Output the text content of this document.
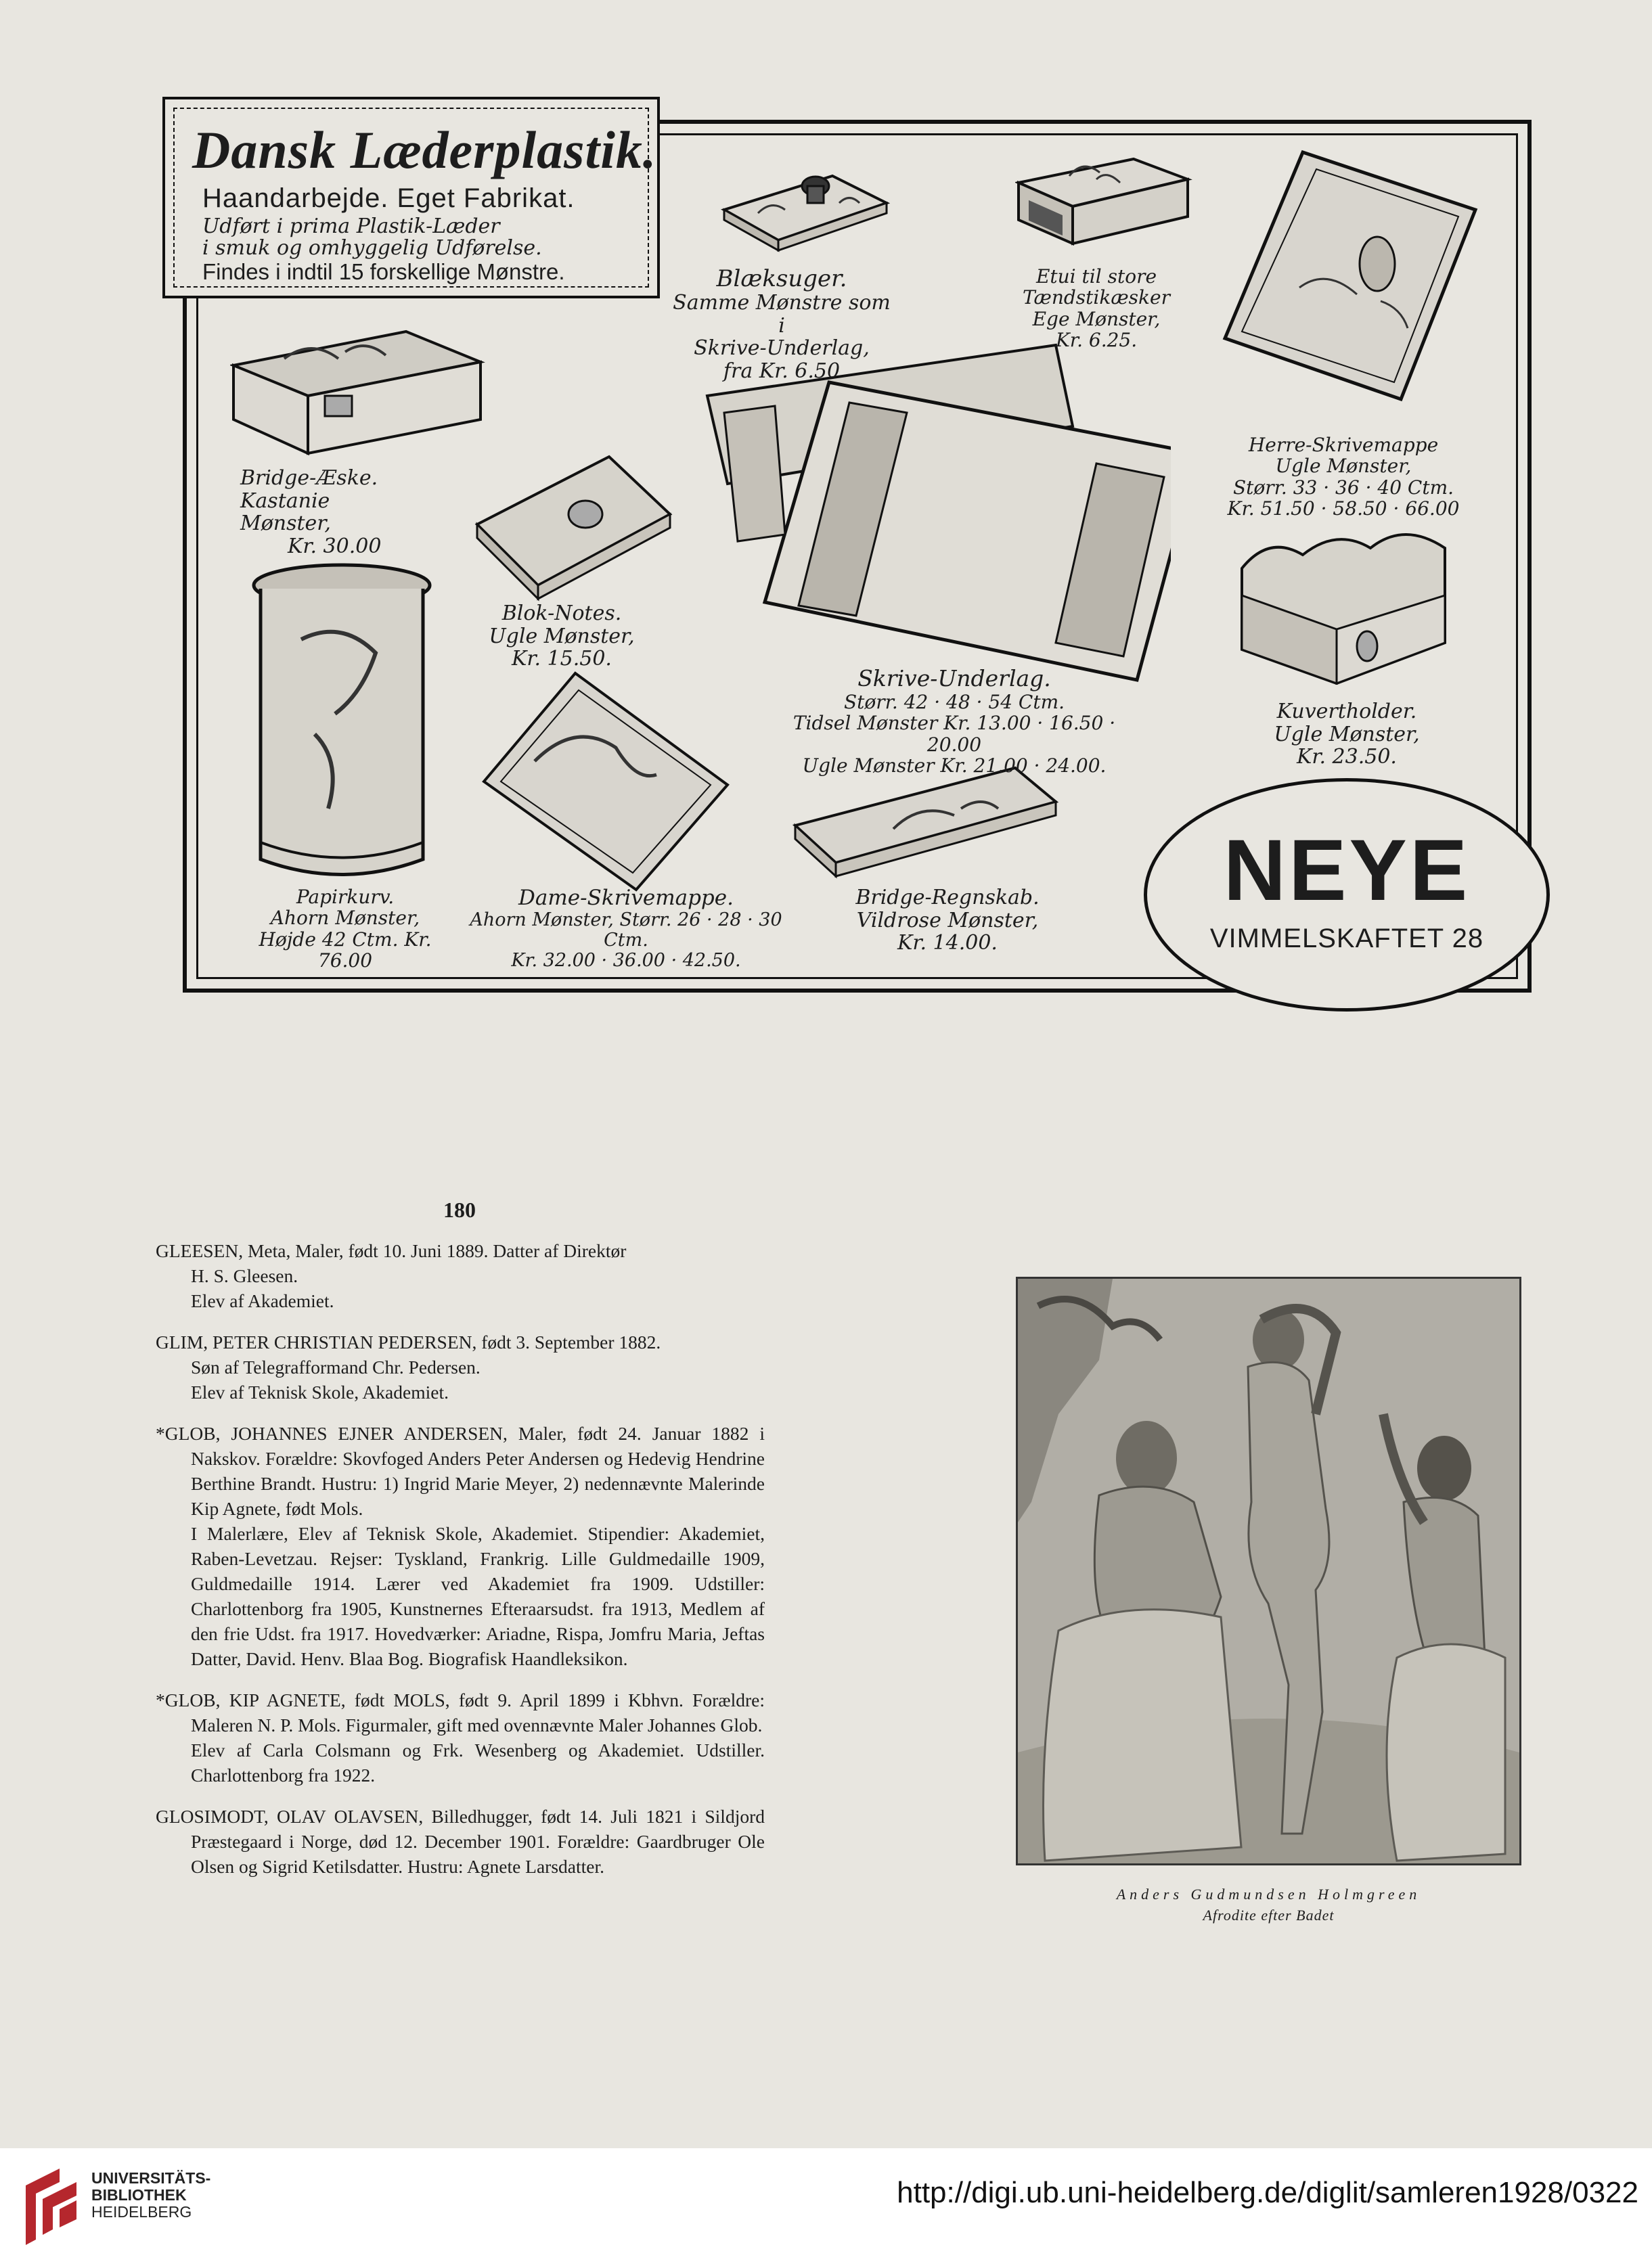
Dansk Læderplastik.
Haandarbejde. Eget Fabrikat.
Udført i prima Plastik-Læder
i smuk og omhyggelig Udførelse.
Findes i indtil 15 forskellige Mønstre.	Blæksuger.
Samme Mønstre som i
Skrive-Underlag,
fra Kr. 6.50
Etui til store Tændstikæsker
Ege Mønster,
Kr. 6.25.
Herre-Skrivemappe
Ugle Mønster,
Størr. 33 · 36 · 40 Ctm.
Kr. 51.50 · 58.50 · 66.00
Bridge-Æske.
Kastanie Mønster,
Kr. 30.00
Blok-Notes.
Ugle Mønster,
Kr. 15.50.
Skrive-Underlag.
Størr. 42 · 48 · 54 Ctm.
Tidsel Mønster Kr. 13.00 · 16.50 · 20.00
Ugle Mønster Kr. 21.00 · 24.00.
Kuvertholder.
Ugle Mønster,
Kr. 23.50.
Papirkurv.
Ahorn Mønster,
Højde 42 Ctm. Kr. 76.00
Dame-Skrivemappe.
Ahorn Mønster, Størr. 26 · 28 · 30 Ctm.
Kr. 32.00 · 36.00 · 42.50.
Bridge-Regnskab.
Vildrose Mønster,
Kr. 14.00.
NEYE
VIMMELSKAFTET 28
180

GLEESEN, Meta, Maler, født 10. Juni 1889. Datter af Direktør

H. S. Gleesen.

Elev af Akademiet.

GLIM, PETER CHRISTIAN PEDERSEN, født 3. September 1882.

Søn af Telegrafformand Chr. Pedersen.

Elev af Teknisk Skole, Akademiet.

*GLOB, JOHANNES EJNER ANDERSEN, Maler, født 24. Januar 1882 i Nakskov. Forældre: Skovfoged Anders Peter Andersen og Hedevig Hendrine Berthine Brandt. Hustru: 1) Ingrid Marie Meyer, 2) nedennævnte Malerinde Kip Agnete, født Mols.

I Malerlære, Elev af Teknisk Skole, Akademiet. Stipendier: Akademiet, Raben-Levetzau. Rejser: Tyskland, Frankrig. Lille Guldmedaille 1909, Guldmedaille 1914. Lærer ved Akademiet fra 1909. Udstiller: Charlottenborg fra 1905, Kunstnernes Efteraarsudst. fra 1913, Medlem af den frie Udst. fra 1917. Hovedværker: Ariadne, Rispa, Jomfru Maria, Jeftas Datter, David. Henv. Blaa Bog. Biografisk Haandleksikon.

*GLOB, KIP AGNETE, født MOLS, født 9. April 1899 i Kbhvn. Forældre: Maleren N. P. Mols. Figurmaler, gift med ovennævnte Maler Johannes Glob.

Elev af Carla Colsmann og Frk. Wesenberg og Akademiet. Udstiller. Charlottenborg fra 1922.

GLOSIMODT, OLAV OLAVSEN, Billedhugger, født 14. Juli 1821 i Sildjord Præstegaard i Norge, død 12. December 1901. Forældre: Gaardbruger Ole Olsen og Sigrid Ketilsdatter. Hustru: Agnete Larsdatter.

Anders Gudmundsen Holmgreen
Afrodite efter Badet
UNIVERSITÄTS-
BIBLIOTHEK
HEIDELBERG
http://digi.ub.uni-heidelberg.de/diglit/samleren1928/0322
